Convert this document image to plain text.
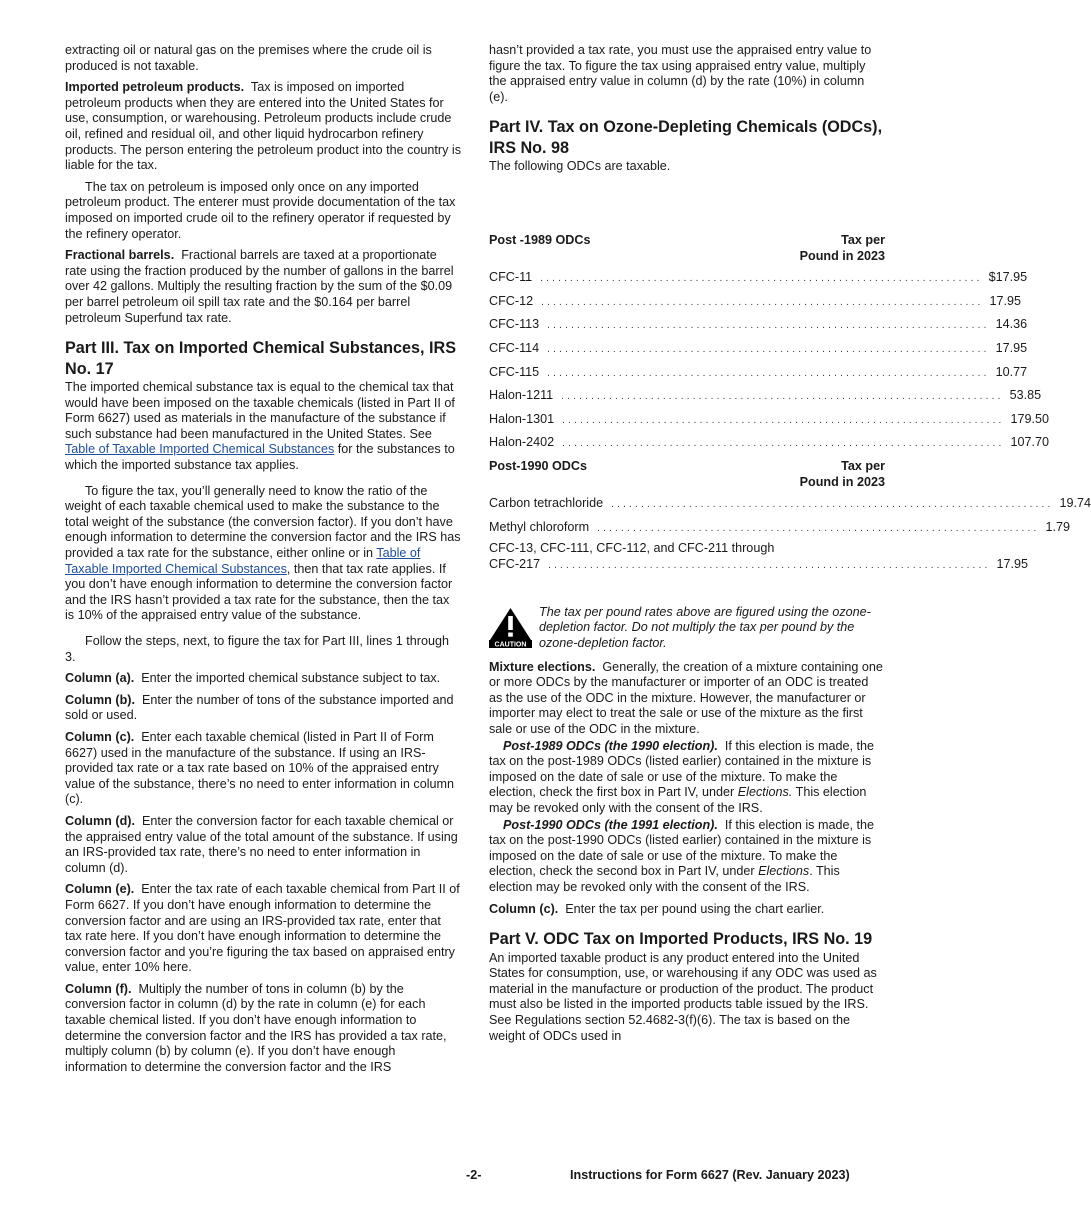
extracting oil or natural gas on the premises where the crude oil is produced is not taxable.

Imported petroleum products. Tax is imposed on imported petroleum products when they are entered into the United States for use, consumption, or warehousing. Petroleum products include crude oil, refined and residual oil, and other liquid hydrocarbon refinery products. The person entering the petroleum product into the country is liable for the tax.

The tax on petroleum is imposed only once on any imported petroleum product. The enterer must provide documentation of the tax imposed on imported crude oil to the refinery operator if requested by the refinery operator.

Fractional barrels. Fractional barrels are taxed at a proportionate rate using the fraction produced by the number of gallons in the barrel over 42 gallons. Multiply the resulting fraction by the sum of the $0.09 per barrel petroleum oil spill tax rate and the $0.164 per barrel petroleum Superfund tax rate.

Part III. Tax on Imported Chemical Substances, IRS No. 17

The imported chemical substance tax is equal to the chemical tax that would have been imposed on the taxable chemicals (listed in Part II of Form 6627) used as materials in the manufacture of the substance if such substance had been manufactured in the United States. See Table of Taxable Imported Chemical Substances for the substances to which the imported substance tax applies.

To figure the tax, you’ll generally need to know the ratio of the weight of each taxable chemical used to make the substance to the total weight of the substance (the conversion factor). If you don’t have enough information to determine the conversion factor and the IRS has provided a tax rate for the substance, either online or in Table of Taxable Imported Chemical Substances, then that tax rate applies. If you don’t have enough information to determine the conversion factor and the IRS hasn’t provided a tax rate for the substance, then the tax is 10% of the appraised entry value of the substance.

Follow the steps, next, to figure the tax for Part III, lines 1 through 3.

Column (a). Enter the imported chemical substance subject to tax.

Column (b). Enter the number of tons of the substance imported and sold or used.

Column (c). Enter each taxable chemical (listed in Part II of Form 6627) used in the manufacture of the substance. If using an IRS-provided tax rate or a tax rate based on 10% of the appraised entry value of the substance, there’s no need to enter information in column (c).

Column (d). Enter the conversion factor for each taxable chemical or the appraised entry value of the total amount of the substance. If using an IRS-provided tax rate, there’s no need to enter information in column (d).

Column (e). Enter the tax rate of each taxable chemical from Part II of Form 6627. If you don’t have enough information to determine the conversion factor and are using an IRS-provided tax rate, enter that tax rate here. If you don’t have enough information to determine the conversion factor and you’re figuring the tax based on appraised entry value, enter 10% here.

Column (f). Multiply the number of tons in column (b) by the conversion factor in column (d) by the rate in column (e) for each taxable chemical listed. If you don’t have enough information to determine the conversion factor and the IRS has provided a tax rate, multiply column (b) by column (e). If you don’t have enough information to determine the conversion factor and the IRS

hasn’t provided a tax rate, you must use the appraised entry value to figure the tax. To figure the tax using appraised entry value, multiply the appraised entry value in column (d) by the rate (10%) in column (e).

Part IV. Tax on Ozone-Depleting Chemicals (ODCs), IRS No. 98

The following ODCs are taxable.

Post -1989 ODCs	Tax per
Pound in 2023
CFC-11 .......................................................................... $17.95
CFC-12 .......................................................................... 17.95
CFC-113 .......................................................................... 14.36
CFC-114 .......................................................................... 17.95
CFC-115 .......................................................................... 10.77
Halon-1211 .......................................................................... 53.85
Halon-1301 .......................................................................... 179.50
Halon-2402 .......................................................................... 107.70
Post-1990 ODCs	Tax per
Pound in 2023
Carbon tetrachloride .......................................................................... 19.74
Methyl chloroform .......................................................................... 1.79
CFC-13, CFC-111, CFC-112, and CFC-211 through
CFC-217 .......................................................................... 17.95
CAUTION
The tax per pound rates above are figured using the ozone-depletion factor. Do not multiply the tax per pound by the ozone-depletion factor.

Mixture elections. Generally, the creation of a mixture containing one or more ODCs by the manufacturer or importer of an ODC is treated as the use of the ODC in the mixture. However, the manufacturer or importer may elect to treat the sale or use of the mixture as the first sale or use of the ODC in the mixture.

Post-1989 ODCs (the 1990 election). If this election is made, the tax on the post-1989 ODCs (listed earlier) contained in the mixture is imposed on the date of sale or use of the mixture. To make the election, check the first box in Part IV, under Elections. This election may be revoked only with the consent of the IRS.

Post-1990 ODCs (the 1991 election). If this election is made, the tax on the post-1990 ODCs (listed earlier) contained in the mixture is imposed on the date of sale or use of the mixture. To make the election, check the second box in Part IV, under Elections. This election may be revoked only with the consent of the IRS.

Column (c). Enter the tax per pound using the chart earlier.

Part V. ODC Tax on Imported Products, IRS No. 19

An imported taxable product is any product entered into the United States for consumption, use, or warehousing if any ODC was used as material in the manufacture or production of the product. The product must also be listed in the imported products table issued by the IRS. See Regulations section 52.4682-3(f)(6). The tax is based on the weight of ODCs used in

-2-	Instructions for Form 6627 (Rev. January 2023)
